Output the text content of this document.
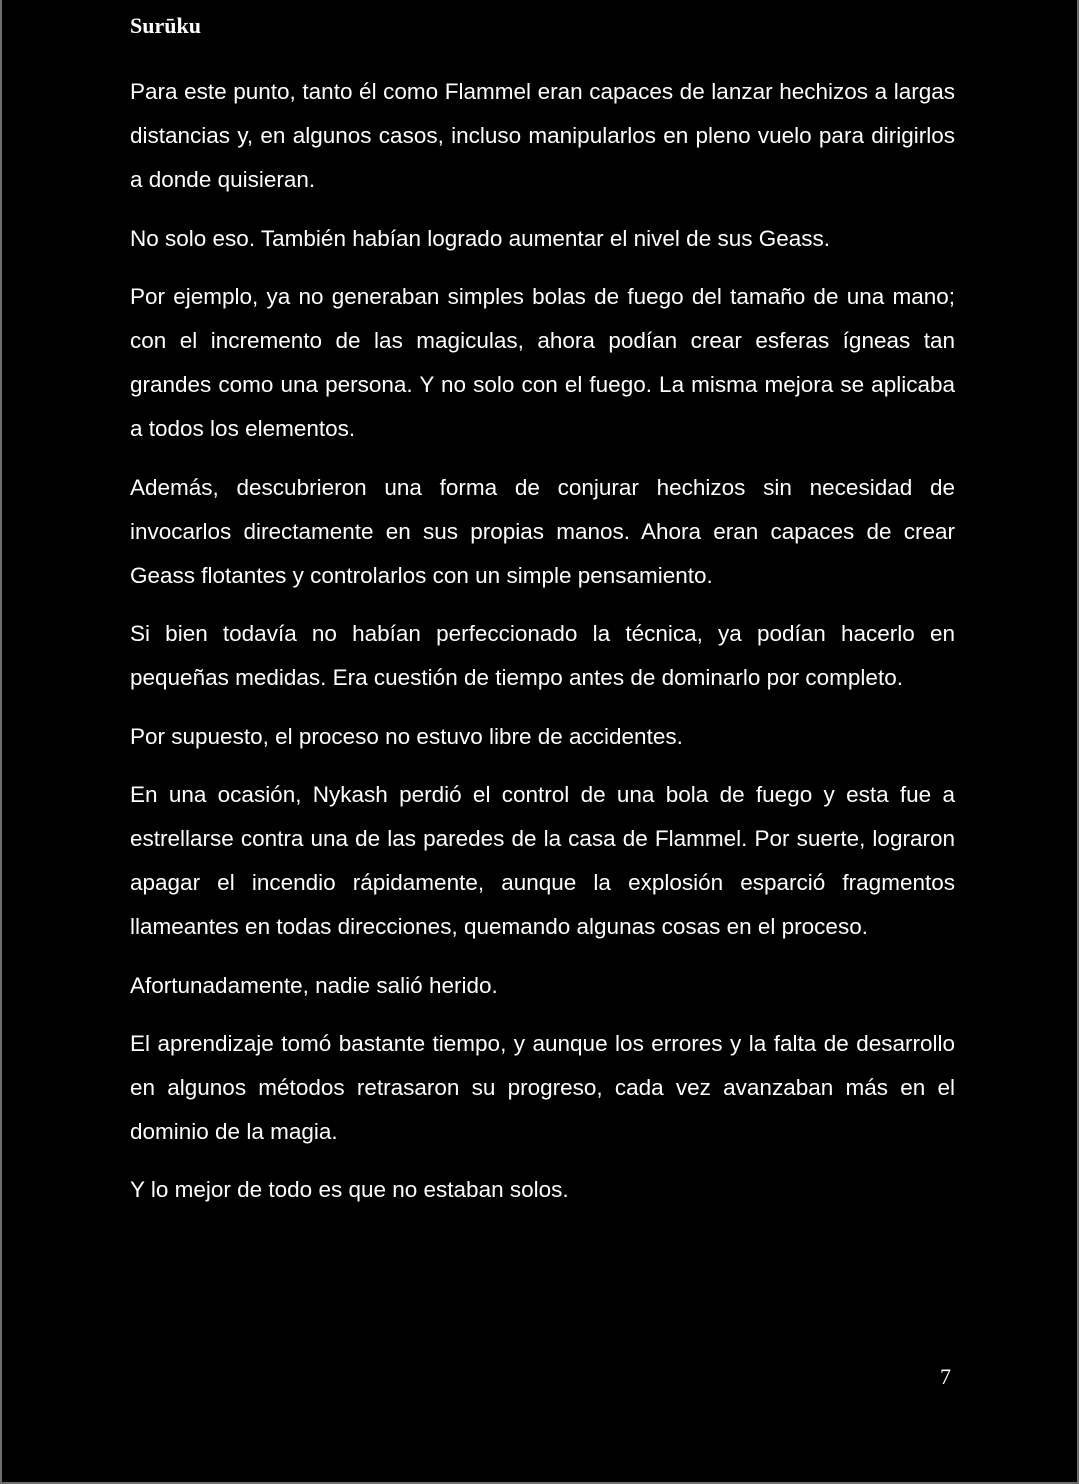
Surūku

Para este punto, tanto él como Flammel eran capaces de lanzar hechizos a largas distancias y, en algunos casos, incluso manipularlos en pleno vuelo para dirigirlos a donde quisieran.

No solo eso. También habían logrado aumentar el nivel de sus Geass.

Por ejemplo, ya no generaban simples bolas de fuego del tamaño de una mano; con el incremento de las magiculas, ahora podían crear esferas ígneas tan grandes como una persona. Y no solo con el fuego. La misma mejora se aplicaba a todos los elementos.

Además, descubrieron una forma de conjurar hechizos sin necesidad de invocarlos directamente en sus propias manos. Ahora eran capaces de crear Geass flotantes y controlarlos con un simple pensamiento.

Si bien todavía no habían perfeccionado la técnica, ya podían hacerlo en pequeñas medidas. Era cuestión de tiempo antes de dominarlo por completo.

Por supuesto, el proceso no estuvo libre de accidentes.

En una ocasión, Nykash perdió el control de una bola de fuego y esta fue a estrellarse contra una de las paredes de la casa de Flammel. Por suerte, lograron apagar el incendio rápidamente, aunque la explosión esparció fragmentos llameantes en todas direcciones, quemando algunas cosas en el proceso.

Afortunadamente, nadie salió herido.

El aprendizaje tomó bastante tiempo, y aunque los errores y la falta de desarrollo en algunos métodos retrasaron su progreso, cada vez avanzaban más en el dominio de la magia.

Y lo mejor de todo es que no estaban solos.

7
